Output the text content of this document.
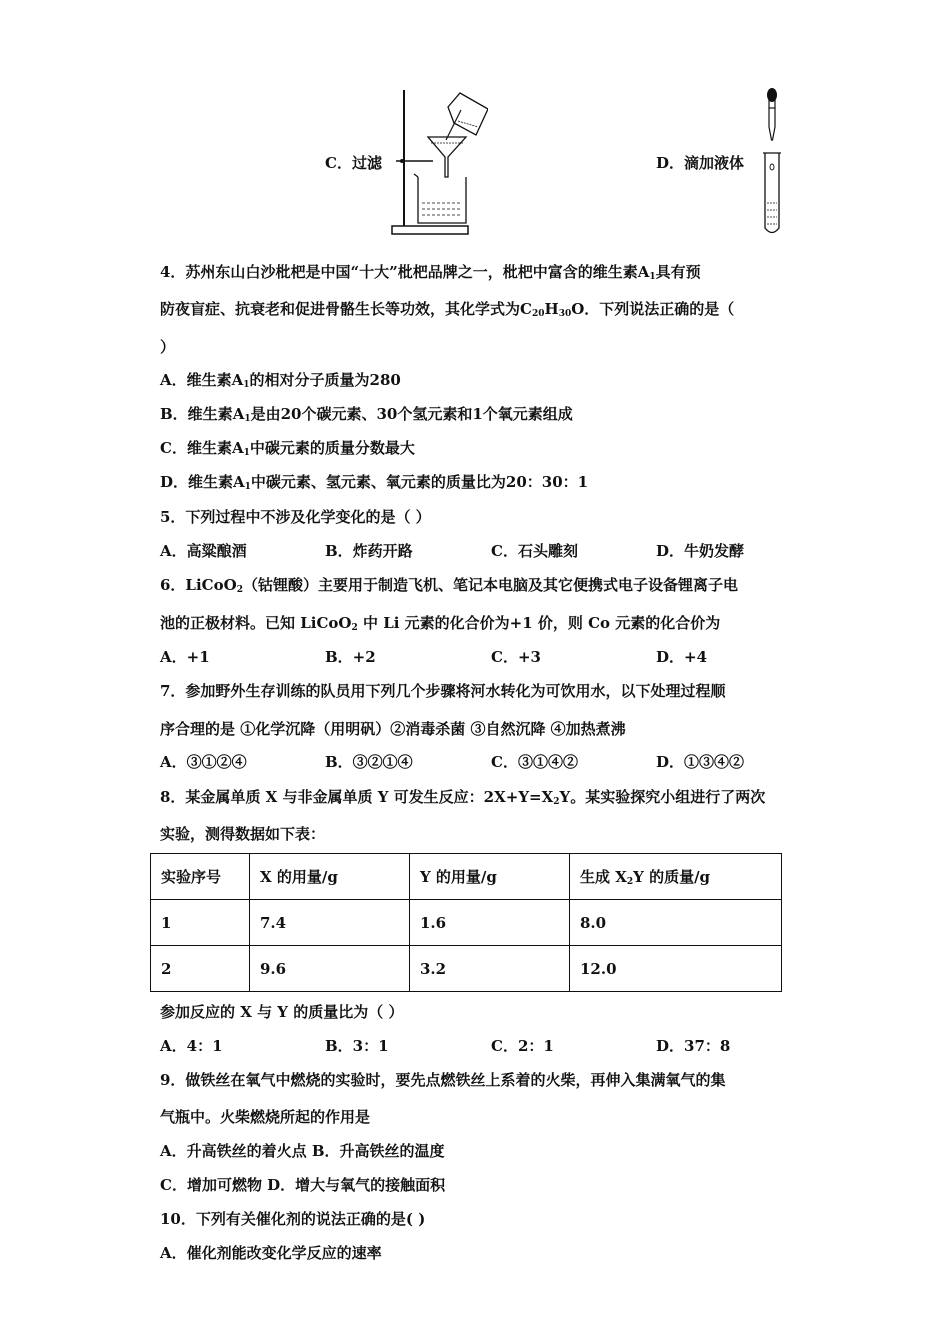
C．过滤	D．滴加液体
4．苏州东山白沙枇杷是中国“十大”枇杷品牌之一，枇杷中富含的维生素$A_1$具有预
防夜盲症、抗衰老和促进骨骼生长等功效，其化学式为$C_{20}H_{30}O$．下列说法正确的是（
）
A．维生素$A_1$的相对分子质量为280
B．维生素$A_1$是由20个碳元素、30个氢元素和1个氧元素组成
C．维生素$A_1$中碳元素的质量分数最大
D．维生素$A_1$中碳元素、氢元素、氧元素的质量比为20：30：1
5．下列过程中不涉及化学变化的是（ ）
A．高粱酿酒	B．炸药开路	C．石头雕刻	D．牛奶发酵
6．LiCoO$_2$（钴锂酸）主要用于制造飞机、笔记本电脑及其它便携式电子设备锂离子电
池的正极材料。已知 LiCoO$_2$ 中 Li 元素的化合价为+1 价，则 Co 元素的化合价为
A．+1	B．+2	C．+3	D．+4
7．参加野外生存训练的队员用下列几个步骤将河水转化为可饮用水，以下处理过程顺
序合理的是 ①化学沉降（用明矾）②消毒杀菌 ③自然沉降 ④加热煮沸
A．③①②④	B．③②①④	C．③①④②	D．①③④②
8．某金属单质 X 与非金属单质 Y 可发生反应：$2X+Y=X_2Y$。某实验探究小组进行了两次
实验，测得数据如下表：
实验序号	X 的用量/g	Y 的用量/g	生成 $X_2Y$ 的质量/g
1	7.4	1.6	8.0
2	9.6	3.2	12.0
参加反应的 X 与 Y 的质量比为（ ）
A．4：1	B．3：1	C．2：1	D．37：8
9．做铁丝在氧气中燃烧的实验时，要先点燃铁丝上系着的火柴，再伸入集满氧气的集
气瓶中。火柴燃烧所起的作用是
A．升高铁丝的着火点 B．升高铁丝的温度
C．增加可燃物 D．增大与氧气的接触面积
10．下列有关催化剂的说法正确的是( )
A．催化剂能改变化学反应的速率
